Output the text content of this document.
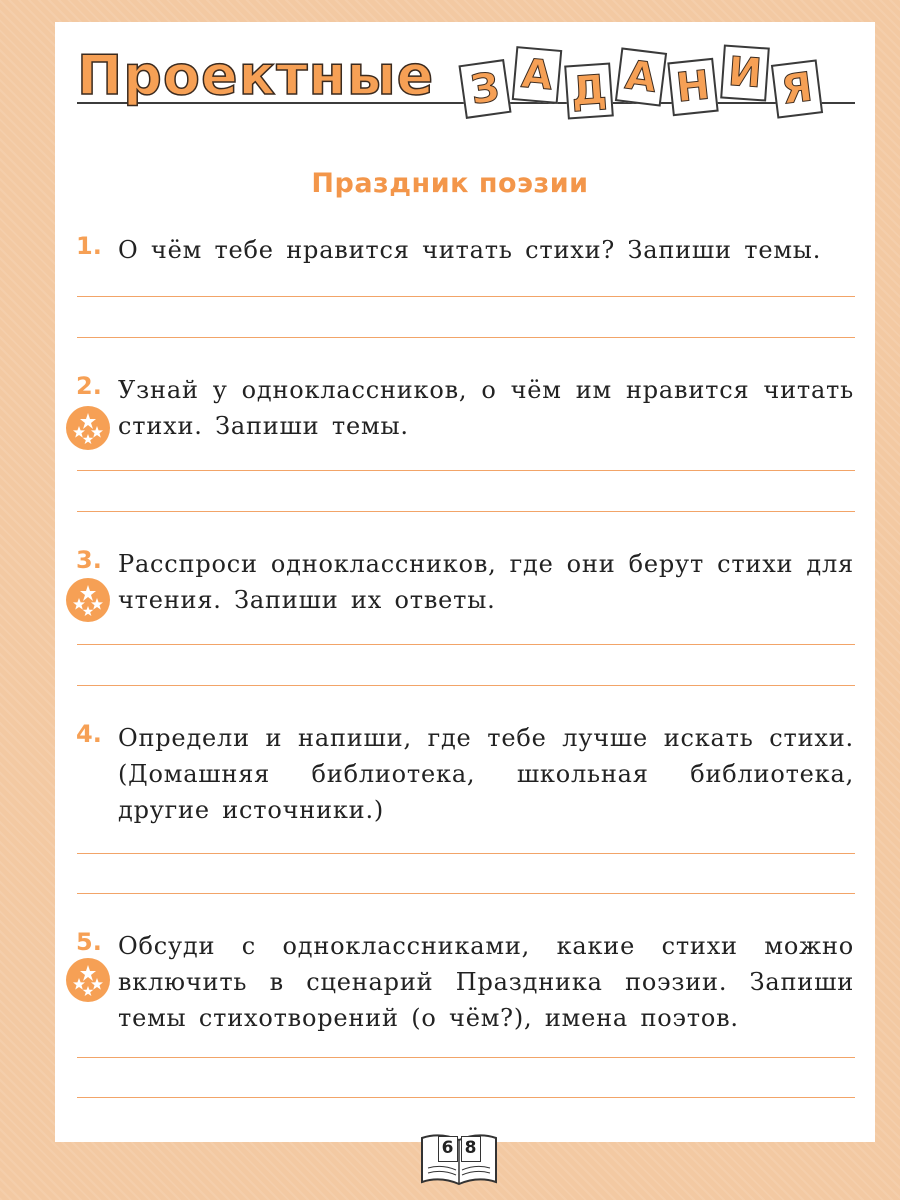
Проектные З А Д А Н И Я
Праздник поэзии
1. О чём тебе нравится читать стихи? Запиши темы.

2. Узнай у одноклассников, о чём им нравится читать стихи. Запиши темы.

3. Расспроси одноклассников, где они берут стихи для чтения. Запиши их ответы.

4. Определи и напиши, где тебе лучше искать стихи. (Домашняя библиотека, школьная библиотека, другие источники.)

5. Обсуди с одноклассниками, какие стихи можно включить в сценарий Праздника поэзии. Запиши темы стихотворений (о чём?), имена поэтов.

6 8
